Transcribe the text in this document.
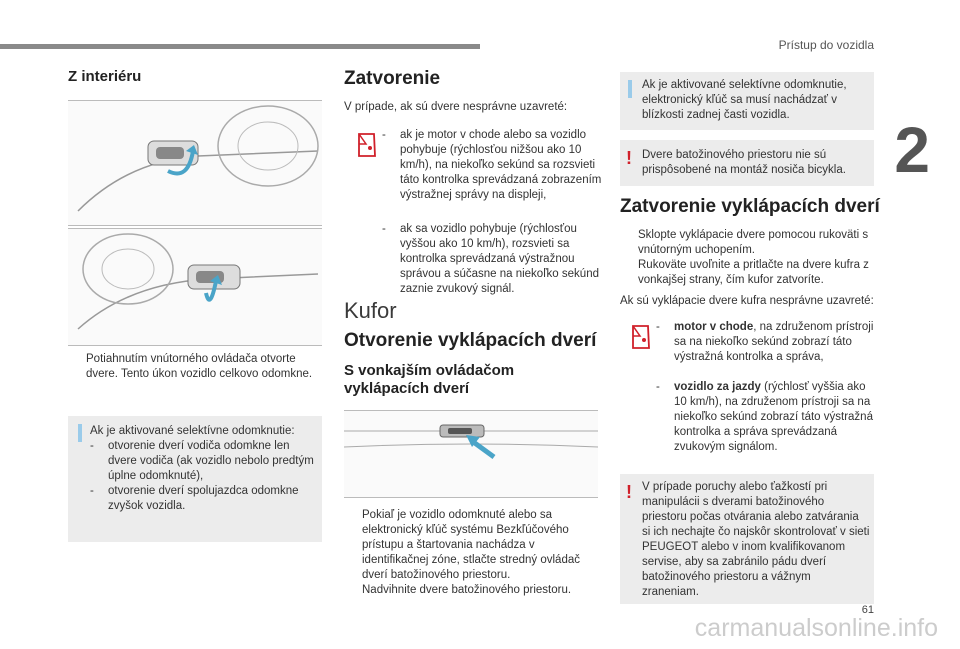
Prístup do vozidla
2
61
carmanualsonline.info
Z interiéru
Potiahnutím vnútorného ovládača otvorte dvere. Tento úkon vozidlo celkovo odomkne.
Ak je aktivované selektívne odomknutie:
-	otvorenie dverí vodiča odomkne len dvere vodiča (ak vozidlo nebolo predtým úplne odomknuté),
-	otvorenie dverí spolujazdca odomkne zvyšok vozidla.
Zatvorenie
V prípade, ak sú dvere nesprávne uzavreté:
-	ak je motor v chode alebo sa vozidlo pohybuje (rýchlosťou nižšou ako 10 km/h), na niekoľko sekúnd sa rozsvieti táto kontrolka sprevádzaná zobrazením výstražnej správy na displeji,
-	ak sa vozidlo pohybuje (rýchlosťou vyššou ako 10 km/h), rozsvieti sa kontrolka sprevádzaná výstražnou správou a súčasne na niekoľko sekúnd zaznie zvukový signál.
Kufor
Otvorenie vyklápacích dverí
S vonkajším ovládačom vyklápacích dverí
Pokiaľ je vozidlo odomknuté alebo sa elektronický kľúč systému Bezkľúčového prístupu a štartovania nachádza v identifikačnej zóne, stlačte stredný ovládač dverí batožinového priestoru.
Nadvihnite dvere batožinového priestoru.
Ak je aktivované selektívne odomknutie, elektronický kľúč sa musí nachádzať v blízkosti zadnej časti vozidla.
! Dvere batožinového priestoru nie sú prispôsobené na montáž nosiča bicykla.
Zatvorenie vyklápacích dverí
Sklopte vyklápacie dvere pomocou rukoväti s vnútorným uchopením.
Rukoväte uvoľnite a pritlačte na dvere kufra z vonkajšej strany, čím kufor zatvoríte.
Ak sú vyklápacie dvere kufra nesprávne uzavreté:
-	motor v chode, na združenom prístroji sa na niekoľko sekúnd zobrazí táto výstražná kontrolka a správa,
-	vozidlo za jazdy (rýchlosť vyššia ako 10 km/h), na združenom prístroji sa na niekoľko sekúnd zobrazí táto výstražná kontrolka a správa sprevádzaná zvukovým signálom.
! V prípade poruchy alebo ťažkostí pri manipulácii s dverami batožinového priestoru počas otvárania alebo zatvárania si ich nechajte čo najskôr skontrolovať v sieti PEUGEOT alebo v inom kvalifikovanom servise, aby sa zabránilo pádu dverí batožinového priestoru a vážnym zraneniam.
